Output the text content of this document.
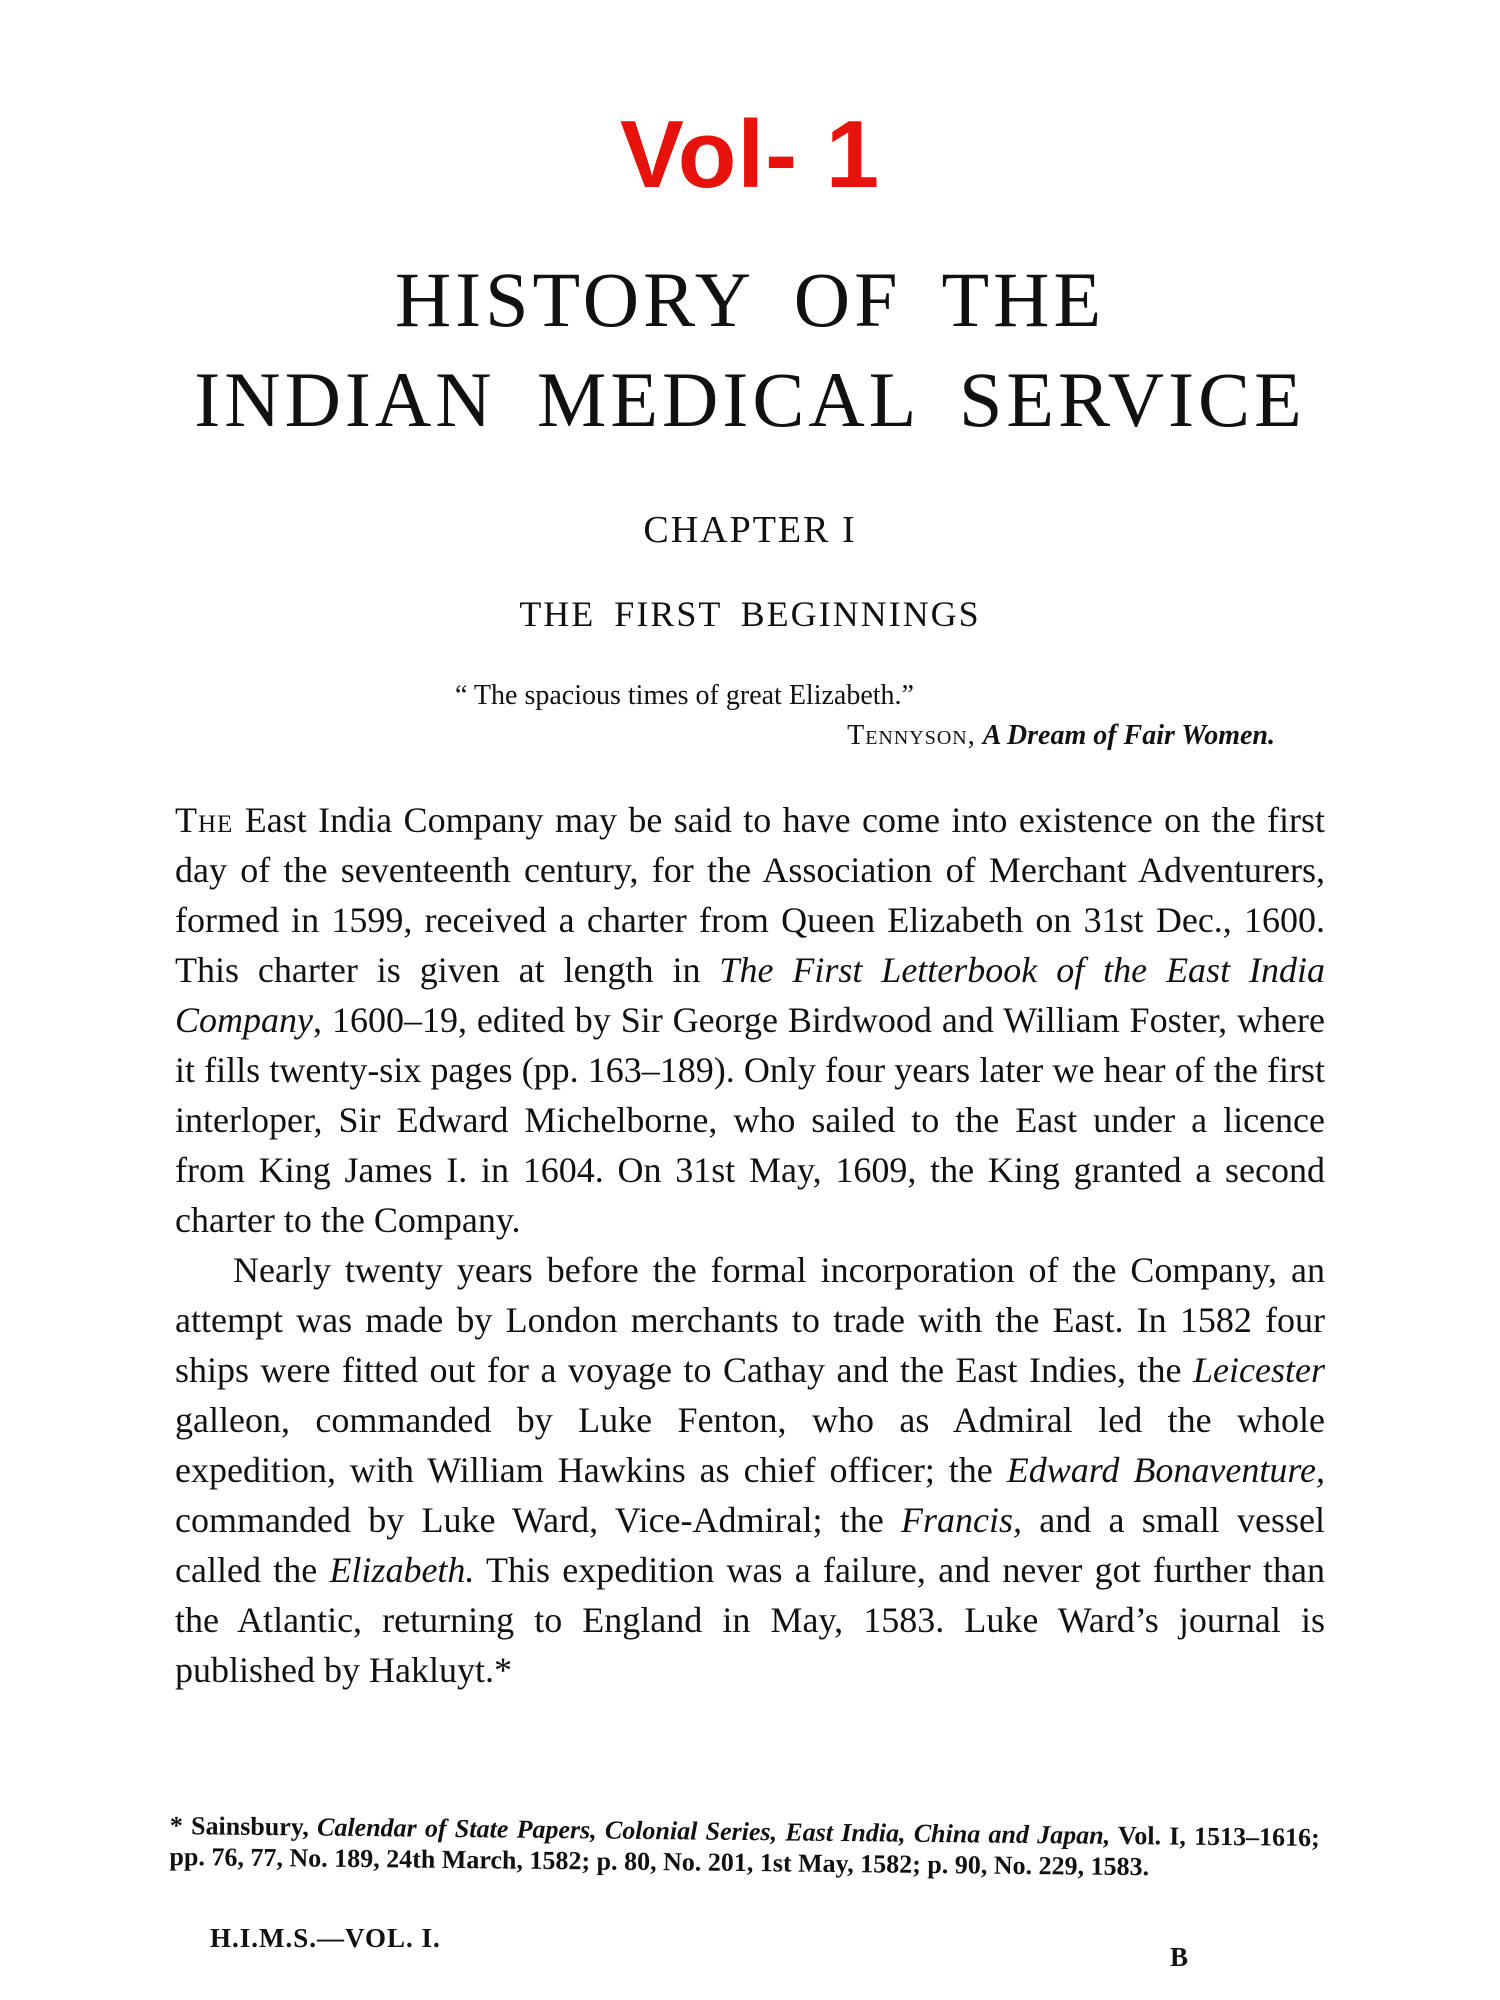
Vol- 1
HISTORY OF THE
INDIAN MEDICAL SERVICE
CHAPTER I
THE FIRST BEGINNINGS
“ The spacious times of great Elizabeth.”
Tennyson, A Dream of Fair Women.

The East India Company may be said to have come into existence on the first day of the seventeenth century, for the Association of Merchant Adventurers, formed in 1599, received a charter from Queen Elizabeth on 31st Dec., 1600. This charter is given at length in The First Letterbook of the East India Company, 1600–19, edited by Sir George Birdwood and William Foster, where it fills twenty-six pages (pp. 163–189). Only four years later we hear of the first interloper, Sir Edward Michelborne, who sailed to the East under a licence from King James I. in 1604. On 31st May, 1609, the King granted a second charter to the Company.

Nearly twenty years before the formal incorporation of the Company, an attempt was made by London merchants to trade with the East. In 1582 four ships were fitted out for a voyage to Cathay and the East Indies, the Leicester galleon, commanded by Luke Fenton, who as Admiral led the whole expedition, with William Hawkins as chief officer; the Edward Bonaventure, commanded by Luke Ward, Vice-Admiral; the Francis, and a small vessel called the Elizabeth. This expedition was a failure, and never got further than the Atlantic, returning to England in May, 1583. Luke Ward’s journal is published by Hakluyt.*

* Sainsbury, Calendar of State Papers, Colonial Series, East India, China and Japan, Vol. I, 1513–1616; pp. 76, 77, No. 189, 24th March, 1582; p. 80, No. 201, 1st May, 1582; p. 90, No. 229, 1583.
H.I.M.S.—VOL. I.
B
